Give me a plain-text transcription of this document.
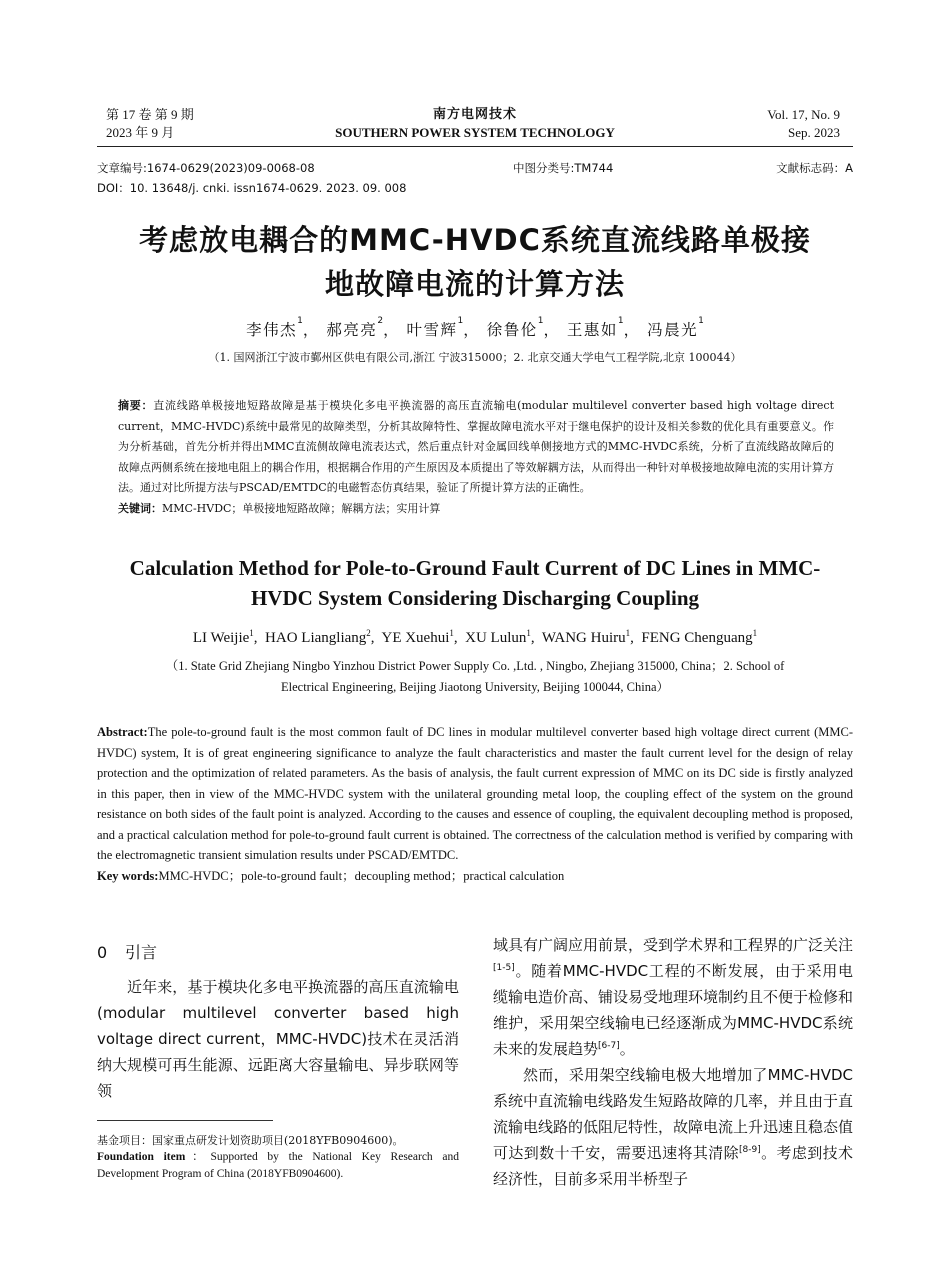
第 17 卷 第 9 期
2023 年 9 月
南方电网技术
SOUTHERN POWER SYSTEM TECHNOLOGY
Vol. 17, No. 9
Sep. 2023
文章编号:1674-0629(2023)09-0068-08
DOI：10. 13648/j. cnki. issn1674-0629. 2023. 09. 008
中图分类号:TM744	文献标志码：A
考虑放电耦合的MMC-HVDC系统直流线路单极接
地故障电流的计算方法
李伟杰$^1$， 郝亮亮$^2$， 叶雪辉$^1$， 徐鲁伦$^1$， 王惠如$^1$， 冯晨光$^1$
（1. 国网浙江宁波市鄞州区供电有限公司,浙江 宁波315000；2. 北京交通大学电气工程学院,北京 100044）
摘要：直流线路单极接地短路故障是基于模块化多电平换流器的高压直流输电(modular multilevel converter based high voltage direct current，MMC-HVDC)系统中最常见的故障类型，分析其故障特性、掌握故障电流水平对于继电保护的设计及相关参数的优化具有重要意义。作为分析基础，首先分析并得出MMC直流侧故障电流表达式，然后重点针对金属回线单侧接地方式的MMC-HVDC系统，分析了直流线路故障后的故障点两侧系统在接地电阻上的耦合作用，根据耦合作用的产生原因及本质提出了等效解耦方法，从而得出一种针对单极接地故障电流的实用计算方法。通过对比所提方法与PSCAD/EMTDC的电磁暂态仿真结果，验证了所提计算方法的正确性。
关键词：MMC-HVDC；单极接地短路故障；解耦方法；实用计算
Calculation Method for Pole-to-Ground Fault Current of DC Lines in MMC-
HVDC System Considering Discharging Coupling
LI Weijie$^1$,  HAO Liangliang$^2$,  YE Xuehui$^1$,  XU Lulun$^1$,  WANG Huiru$^1$,  FENG Chenguang$^1$
（1. State Grid Zhejiang Ningbo Yinzhou District Power Supply Co. ,Ltd. , Ningbo, Zhejiang 315000, China；2. School of
Electrical Engineering, Beijing Jiaotong University, Beijing 100044, China）
Abstract:The pole-to-ground fault is the most common fault of DC lines in modular multilevel converter based high voltage direct current (MMC-HVDC) system, It is of great engineering significance to analyze the fault characteristics and master the fault current level for the design of relay protection and the optimization of related parameters. As the basis of analysis, the fault current expression of MMC on its DC side is firstly analyzed in this paper, then in view of the MMC-HVDC system with the unilateral grounding metal loop, the coupling effect of the system on the ground resistance on both sides of the fault point is analyzed. According to the causes and essence of coupling, the equivalent decoupling method is proposed, and a practical calculation method for pole-to-ground fault current is obtained. The correctness of the calculation method is verified by comparing with the electromagnetic transient simulation results under PSCAD/EMTDC.
Key words:MMC-HVDC；pole-to-ground fault；decoupling method；practical calculation
0 引言

近年来，基于模块化多电平换流器的高压直流输电(modular multilevel converter based high voltage direct current，MMC-HVDC)技术在灵活消纳大规模可再生能源、远距离大容量输电、异步联网等领

域具有广阔应用前景，受到学术界和工程界的广泛关注[1-5]。随着MMC-HVDC工程的不断发展，由于采用电缆输电造价高、铺设易受地理环境制约且不便于检修和维护，采用架空线输电已经逐渐成为MMC-HVDC系统未来的发展趋势[6-7]。

然而，采用架空线输电极大地增加了MMC-HVDC系统中直流输电线路发生短路故障的几率，并且由于直流输电线路的低阻尼特性，故障电流上升迅速且稳态值可达到数十千安，需要迅速将其清除[8-9]。考虑到技术经济性，目前多采用半桥型子

基金项目：国家重点研发计划资助项目(2018YFB0904600)。
Foundation item：Supported by the National Key Research and Development Program of China (2018YFB0904600).
